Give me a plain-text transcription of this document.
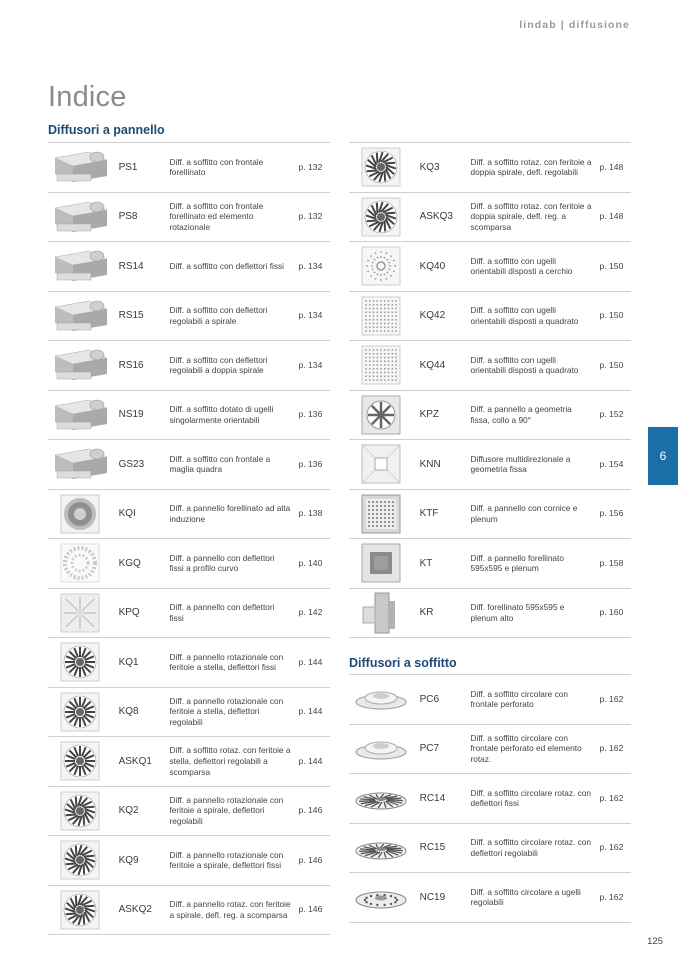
lindab | diffusione
Indice
Diffusori a pannello
Diffusori a soffitto
PS1
Diff. a soffitto con frontale forellinato
p. 132
PS8
Diff. a soffitto con frontale forellinato ed elemento rotazionale
p. 132
RS14	Diff. a soffitto con deflettori fissi	p. 134
RS15
Diff. a soffitto con deflettori regolabili a spirale
p. 134
RS16
Diff. a soffitto con deflettori regolabili a doppia spirale
p. 134
NS19
Diff. a soffitto dotato di ugelli singolarmente orientabili
p. 136
GS23
Diff. a soffitto con frontale a maglia quadra
p. 136
KQI
Diff. a pannello forellinato ad alta induzione
p. 138
KGQ
Diff. a pannello con deflettori fissi a profilo curvo
p. 140
KPQ
Diff. a pannello con deflettori fissi
p. 142
KQ1
Diff. a pannello rotazionale con feritoie a stella, deflettori fissi
p. 144
KQ8
Diff. a pannello rotazionale con feritoie a stella, deflettori regolabili
p. 144
ASKQ1
Diff. a soffitto rotaz. con feritoie a stella, deflettori regolabili a scomparsa
p. 144
KQ2
Diff. a pannello rotazionale con feritoie a spirale, deflettori regolabili
p. 146
KQ9
Diff. a pannello rotazionale con feritoie a spirale, deflettori fissi
p. 146
ASKQ2
Diff. a pannello rotaz. con feritoie a spirale, defl. reg. a scomparsa
p. 146
KQ3
Diff. a soffitto rotaz. con feritoie a doppia spirale, defl. regolabili
p. 148
ASKQ3
Diff. a soffitto rotaz. con feritoie a doppia spirale, defl. reg. a scomparsa
p. 148
KQ40
Diff. a soffitto con ugelli orientabili disposti a cerchio
p. 150
KQ42
Diff. a soffitto con ugelli orientabili disposti a quadrato
p. 150
KQ44
Diff. a soffitto con ugelli orientabili disposti a quadrato
p. 150
KPZ
Diff. a pannello a geometria fissa, collo a 90°
p. 152
KNN
Diffusore multidirezionale a geometria fissa
p. 154
KTF
Diff. a pannello con cornice e plenum
p. 156
KT
Diff. a pannello forellinato 595x595 e plenum
p. 158
KR
Diff. forellinato 595x595 e plenum alto
p. 160
PC6
Diff. a soffitto circolare con frontale perforato
p. 162
PC7
Diff. a soffitto circolare con frontale perforato ed elemento rotaz.
p. 162
RC14
Diff. a soffitto circolare rotaz. con deflettori fissi
p. 162
RC15
Diff. a soffitto circolare rotaz. con deflettori regolabili
p. 162
NC19
Diff. a soffitto circolare a ugelli regolabili
p. 162
6
125
